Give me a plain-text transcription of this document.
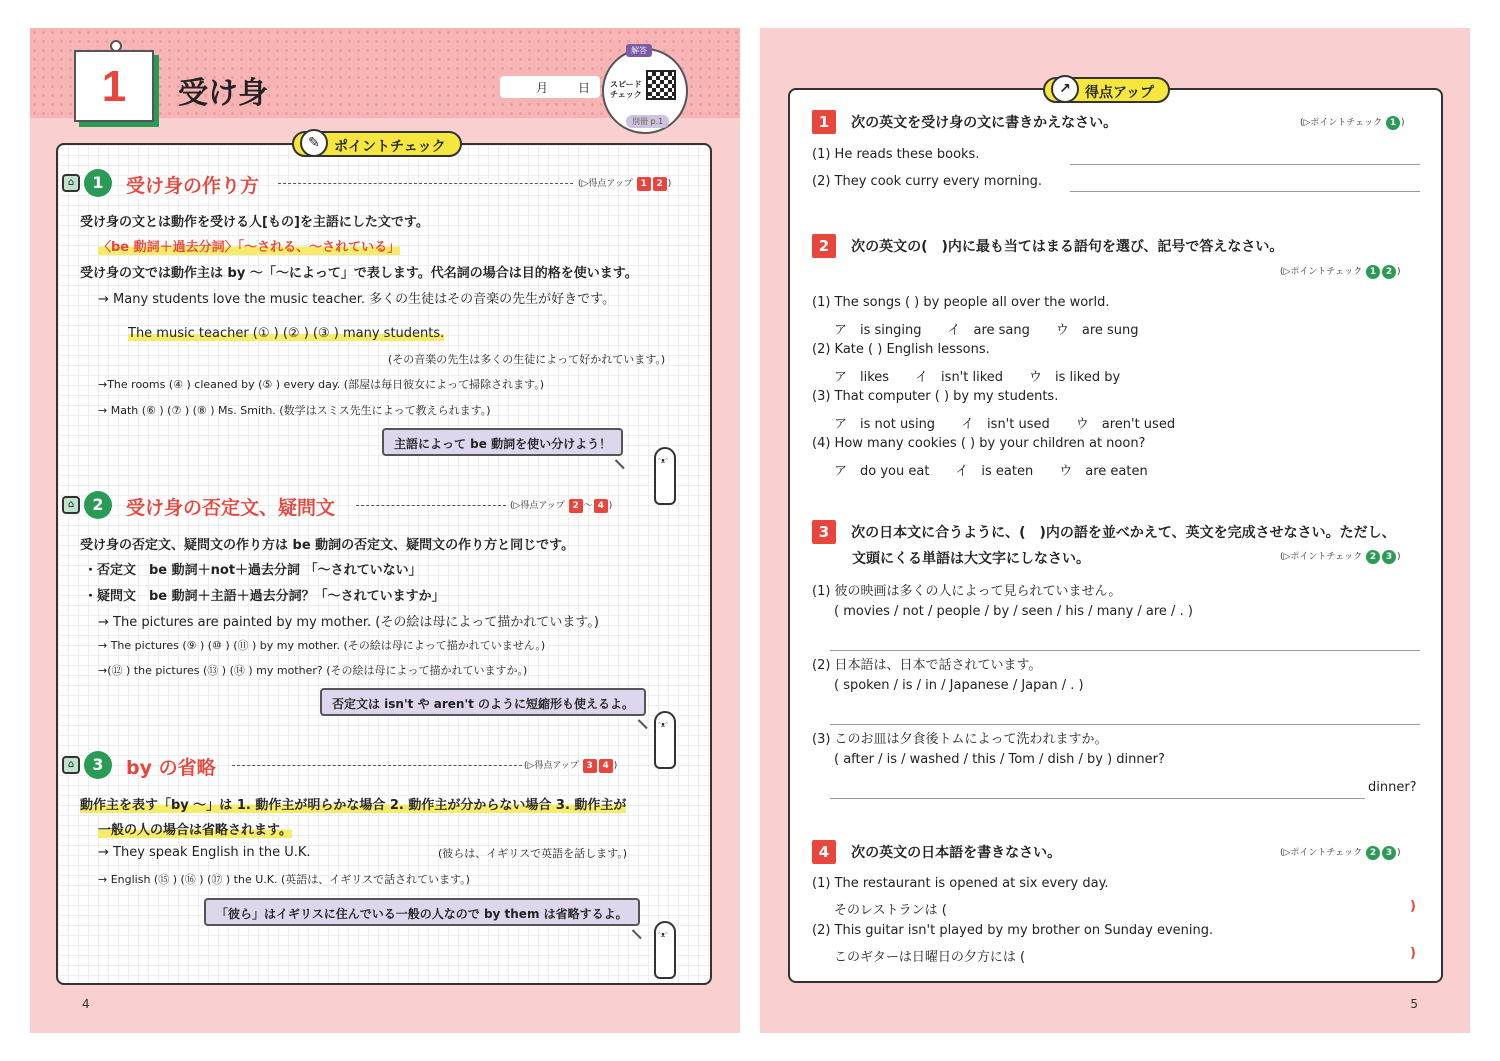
1	受け身	月 日
解答
スピード
チェック
別冊 p.1
⌂ 1	受け身の作り方	(▷得点アップ 1 2 )
受け身の文とは動作を受ける人[もの]を主語にした文です。
〈be 動詞＋過去分詞〉「～される、～されている」
受け身の文では動作主は by ～「～によって」で表します。代名詞の場合は目的格を使います。
→ Many students love the music teacher. 多くの生徒はその音楽の先生が好きです。
The music teacher (① ) (② ) (③ ) many students.
(その音楽の先生は多くの生徒によって好かれています。)
→The rooms (④ ) cleaned by (⑤ ) every day. (部屋は毎日彼女によって掃除されます。)
→ Math (⑥ ) (⑦ ) (⑧ ) Ms. Smith. (数学はスミス先生によって教えられます。)
主語によって be 動詞を使い分けよう！
ᵔᴥᵔ
⌂ 2	受け身の否定文、疑問文	(▷得点アップ 2 ～ 4 )
受け身の否定文、疑問文の作り方は be 動詞の否定文、疑問文の作り方と同じです。
・否定文　be 動詞＋not＋過去分詞 「～されていない」
・疑問文　be 動詞＋主語＋過去分詞？「～されていますか」
→ The pictures are painted by my mother. (その絵は母によって描かれています。)
→ The pictures (⑨ ) (⑩ ) (⑪ ) by my mother. (その絵は母によって描かれていません。)
→(⑫ ) the pictures (⑬ ) (⑭ ) my mother? (その絵は母によって描かれていますか。)
否定文は isn't や aren't のように短縮形も使えるよ。
ᵔᴥᵔ
⌂ 3	by の省略	(▷得点アップ 3 4 )
動作主を表す「by ～」は 1. 動作主が明らかな場合 2. 動作主が分からない場合 3. 動作主が
一般の人の場合は省略されます。
→ They speak English in the U.K.	(彼らは、イギリスで英語を話します。)
→ English (⑮ ) (⑯ ) (⑰ ) the U.K. (英語は、イギリスで話されています。)
「彼ら」はイギリスに住んでいる一般の人なので by them は省略するよ。
ᵔᴥᵔ
✎	ポイントチェック
4
1 次の英文を受け身の文に書きかえなさい。	(▷ポイントチェック 1 )
(1) He reads these books.
(2) They cook curry every morning.
2 次の英文の(　)内に最も当てはまる語句を選び、記号で答えなさい。
(▷ポイントチェック 1 2 )
(1) The songs ( ) by people all over the world.
ア　is singing　　イ　are sang　　ウ　are sung
(2) Kate ( ) English lessons.
ア　likes　　イ　isn't liked　　ウ　is liked by
(3) That computer ( ) by my students.
ア　is not using　　イ　isn't used　　ウ　aren't used
(4) How many cookies ( ) by your children at noon?
ア　do you eat　　イ　is eaten　　ウ　are eaten
3 次の日本文に合うように、(　)内の語を並べかえて、英文を完成させなさい。ただし、
文頭にくる単語は大文字にしなさい。	(▷ポイントチェック 2 3 )
(1) 彼の映画は多くの人によって見られていません。
( movies / not / people / by / seen / his / many / are / . )
(2) 日本語は、日本で話されています。
( spoken / is / in / Japanese / Japan / . )
(3) このお皿は夕食後トムによって洗われますか。
( after / is / washed / this / Tom / dish / by ) dinner?
dinner?
4 次の英文の日本語を書きなさい。	(▷ポイントチェック 2 3 )
(1) The restaurant is opened at six every day.
そのレストランは (	)
(2) This guitar isn't played by my brother on Sunday evening.
このギターは日曜日の夕方には (	)
↗	得点アップ
5
